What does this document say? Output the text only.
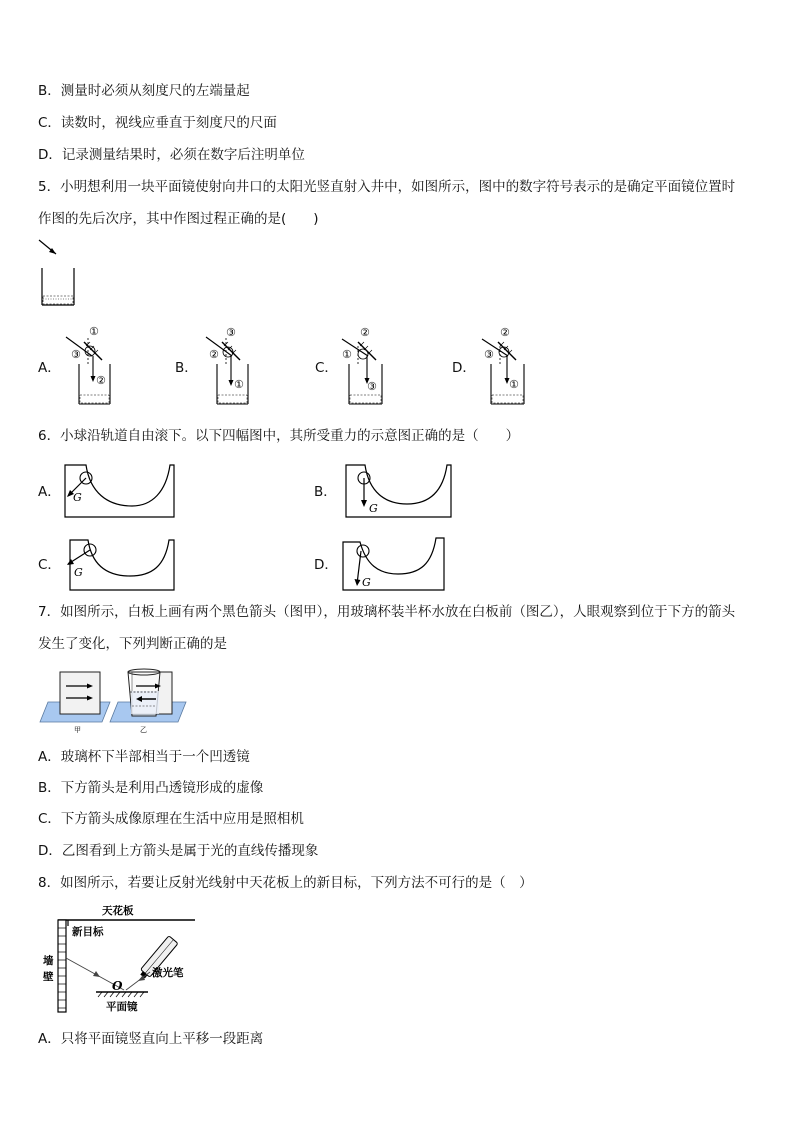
B．测量时必须从刻度尺的左端量起
C．读数时，视线应垂直于刻度尺的尺面
D．记录测量结果时，必须在数字后注明单位
5．小明想利用一块平面镜使射向井口的太阳光竖直射入井中，如图所示，图中的数字符号表示的是确定平面镜位置时
作图的先后次序，其中作图过程正确的是(　　)
A．
①
③
②
B．
③
②
①
C．
②
①
③
D．
②
③
①
6．小球沿轨道自由滚下。以下四幅图中，其所受重力的示意图正确的是（　　）
A． G	B．
G
C． G	D．
G
7．如图所示，白板上画有两个黑色箭头（图甲），用玻璃杯装半杯水放在白板前（图乙），人眼观察到位于下方的箭头
发生了变化，下列判断正确的是
甲	乙
A．玻璃杯下半部相当于一个凹透镜
B．下方箭头是利用凸透镜形成的虚像
C．下方箭头成像原理在生活中应用是照相机
D．乙图看到上方箭头是属于光的直线传播现象
8．如图所示，若要让反射光线射中天花板上的新目标，下列方法不可行的是（　）
天花板
墙
壁
新目标
激光笔
O
平面镜
A．只将平面镜竖直向上平移一段距离
